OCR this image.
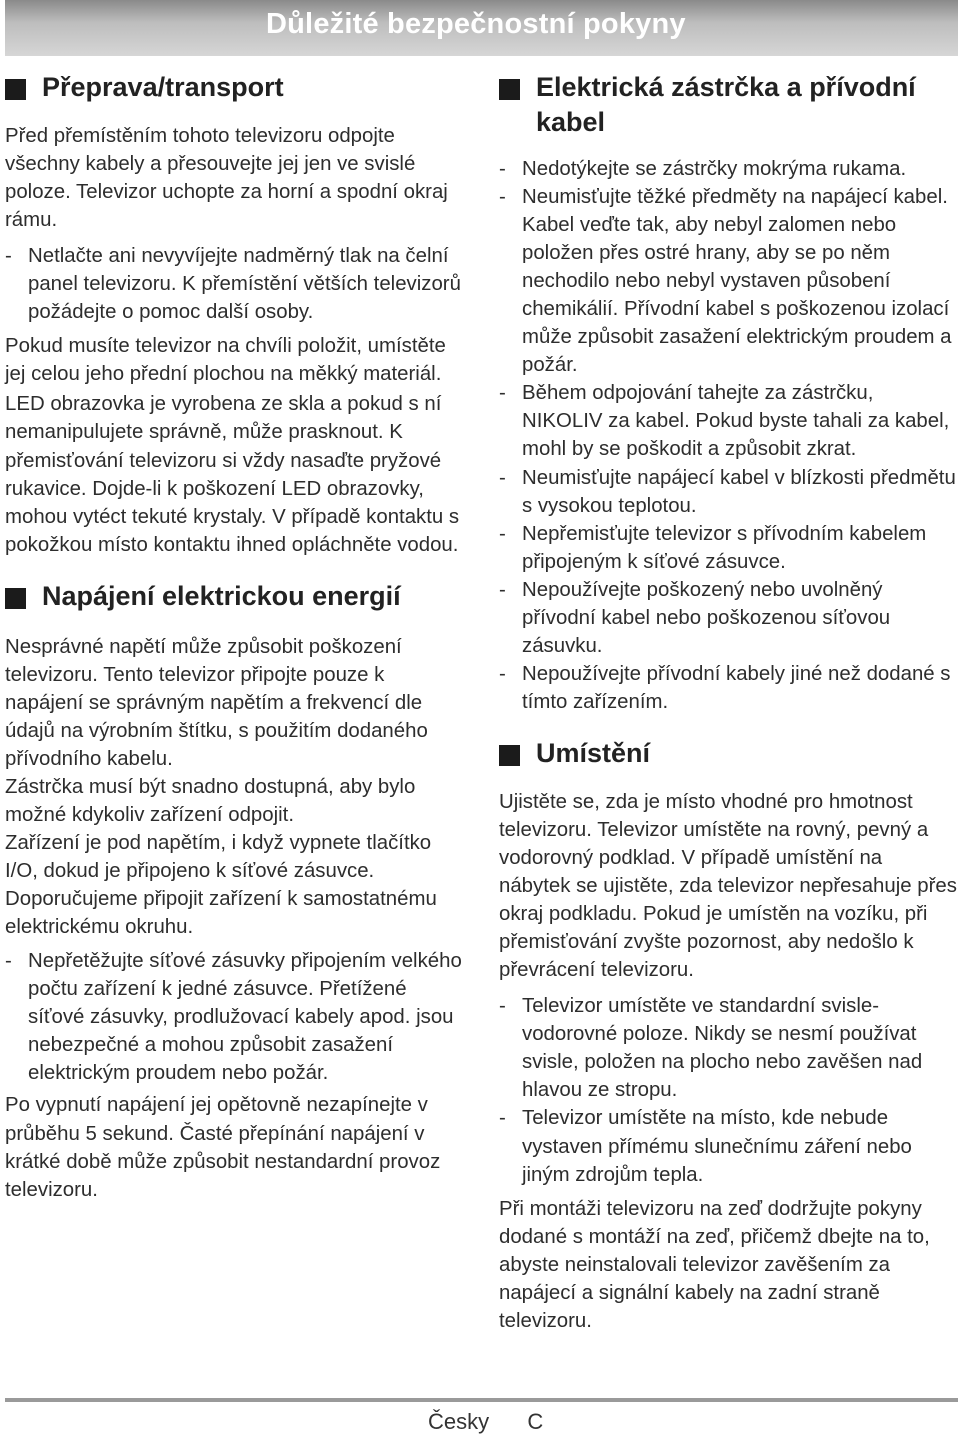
Důležité bezpečnostní pokyny
Přeprava/transport

Před přemístěním tohoto televizoru odpojte všechny kabely a přesouvejte jej jen ve svislé poloze. Televizor uchopte za horní a spodní okraj rámu.

- Netlačte ani nevyvíjejte nadměrný tlak na čelní panel televizoru. K přemístění větších televizorů požádejte o pomoc další osoby.

Pokud musíte televizor na chvíli položit, umístěte jej celou jeho přední plochou na měkký materiál.

LED obrazovka je vyrobena ze skla a pokud s ní nemanipulujete správně, může prasknout. K přemisťování televizoru si vždy nasaďte pryžové rukavice. Dojde-li k poškození LED obrazovky, mohou vytéct tekuté krystaly. V případě kontaktu s pokožkou místo kontaktu ihned opláchněte vodou.

Napájení elektrickou energií

Nesprávné napětí může způsobit poškození televizoru. Tento televizor připojte pouze k napájení se správným napětím a frekvencí dle údajů na výrobním štítku, s použitím dodaného přívodního kabelu.

Zástrčka musí být snadno dostupná, aby bylo možné kdykoliv zařízení odpojit.

Zařízení je pod napětím, i když vypnete tlačítko I/O, dokud je připojeno k síťové zásuvce.

Doporučujeme připojit zařízení k samostatnému elektrickému okruhu.

- Nepřetěžujte síťové zásuvky připojením velkého počtu zařízení k jedné zásuvce. Přetížené síťové zásuvky, prodlužovací kabely apod. jsou nebezpečné a mohou způsobit zasažení elektrickým proudem nebo požár.

Po vypnutí napájení jej opětovně nezapínejte v průběhu 5 sekund. Časté přepínání napájení v krátké době může způsobit nestandardní provoz televizoru.

Elektrická zástrčka a přívodní kabel
- Nedotýkejte se zástrčky mokrýma rukama.
- Neumisťujte těžké předměty na napájecí kabel. Kabel veďte tak, aby nebyl zalomen nebo položen přes ostré hrany, aby se po něm nechodilo nebo nebyl vystaven působení chemikálií. Přívodní kabel s poškozenou izolací může způsobit zasažení elektrickým proudem a požár.
- Během odpojování tahejte za zástrčku, NIKOLIV za kabel. Pokud byste tahali za kabel, mohl by se poškodit a způsobit zkrat.
- Neumisťujte napájecí kabel v blízkosti předmětu s vysokou teplotou.
- Nepřemisťujte televizor s přívodním kabelem připojeným k síťové zásuvce.
- Nepoužívejte poškozený nebo uvolněný přívodní kabel nebo poškozenou síťovou zásuvku.
- Nepoužívejte přívodní kabely jiné než dodané s tímto zařízením.
Umístění

Ujistěte se, zda je místo vhodné pro hmotnost televizoru. Televizor umístěte na rovný, pevný a vodorovný podklad. V případě umístění na nábytek se ujistěte, zda televizor nepřesahuje přes okraj podkladu. Pokud je umístěn na vozíku, při přemisťování zvyšte pozornost, aby nedošlo k převrácení televizoru.

- Televizor umístěte ve standardní svisle-vodorovné poloze. Nikdy se nesmí používat svisle, položen na plocho nebo zavěšen nad hlavou ze stropu.
- Televizor umístěte na místo, kde nebude vystaven přímému slunečnímu záření nebo jiným zdrojům tepla.

Při montáži televizoru na zeď dodržujte pokyny dodané s montáží na zeď, přičemž dbejte na to, abyste neinstalovali televizor zavěšením za napájecí a signální kabely na zadní straně televizoru.

Česky C
